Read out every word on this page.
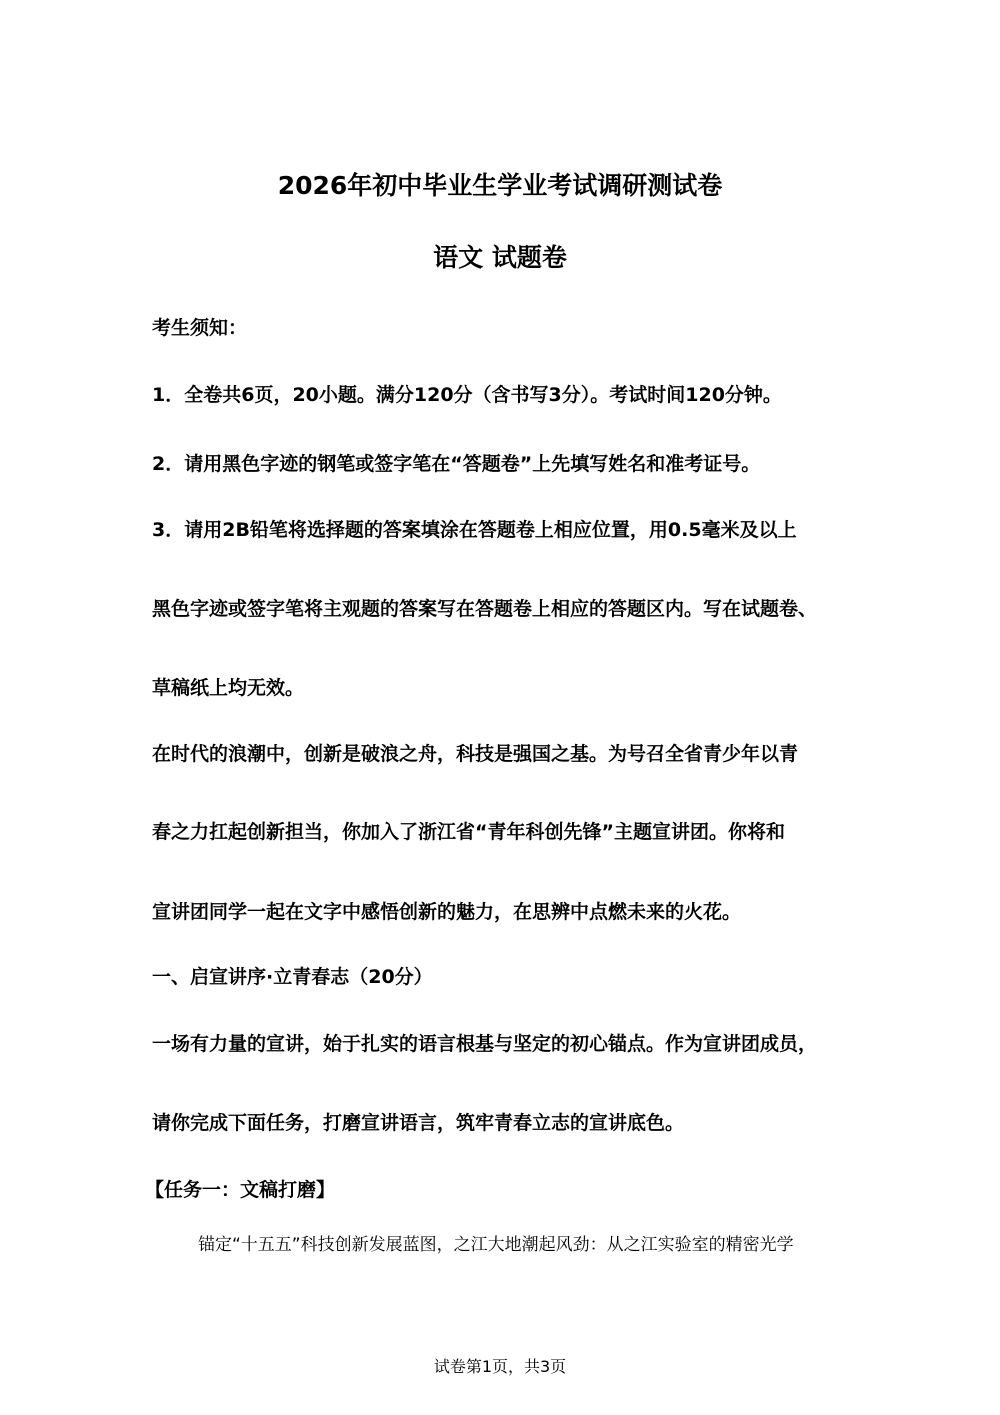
2026年初中毕业生学业考试调研测试卷
语文 试题卷
考生须知：
1．全卷共6页，20小题。满分120分（含书写3分）。考试时间120分钟。
2．请用黑色字迹的钢笔或签字笔在“答题卷”上先填写姓名和准考证号。
3．请用2B铅笔将选择题的答案填涂在答题卷上相应位置，用0.5毫米及以上
黑色字迹或签字笔将主观题的答案写在答题卷上相应的答题区内。写在试题卷、
草稿纸上均无效。
在时代的浪潮中，创新是破浪之舟，科技是强国之基。为号召全省青少年以青
春之力扛起创新担当，你加入了浙江省“青年科创先锋”主题宣讲团。你将和
宣讲团同学一起在文字中感悟创新的魅力，在思辨中点燃未来的火花。
一、启宣讲序·立青春志（20分）
一场有力量的宣讲，始于扎实的语言根基与坚定的初心锚点。作为宣讲团成员，
请你完成下面任务，打磨宣讲语言，筑牢青春立志的宣讲底色。
【任务一：文稿打磨】
锚定“十五五”科技创新发展蓝图，之江大地潮起风劲：从之江实验室的精密光学
试卷第1页，共3页
